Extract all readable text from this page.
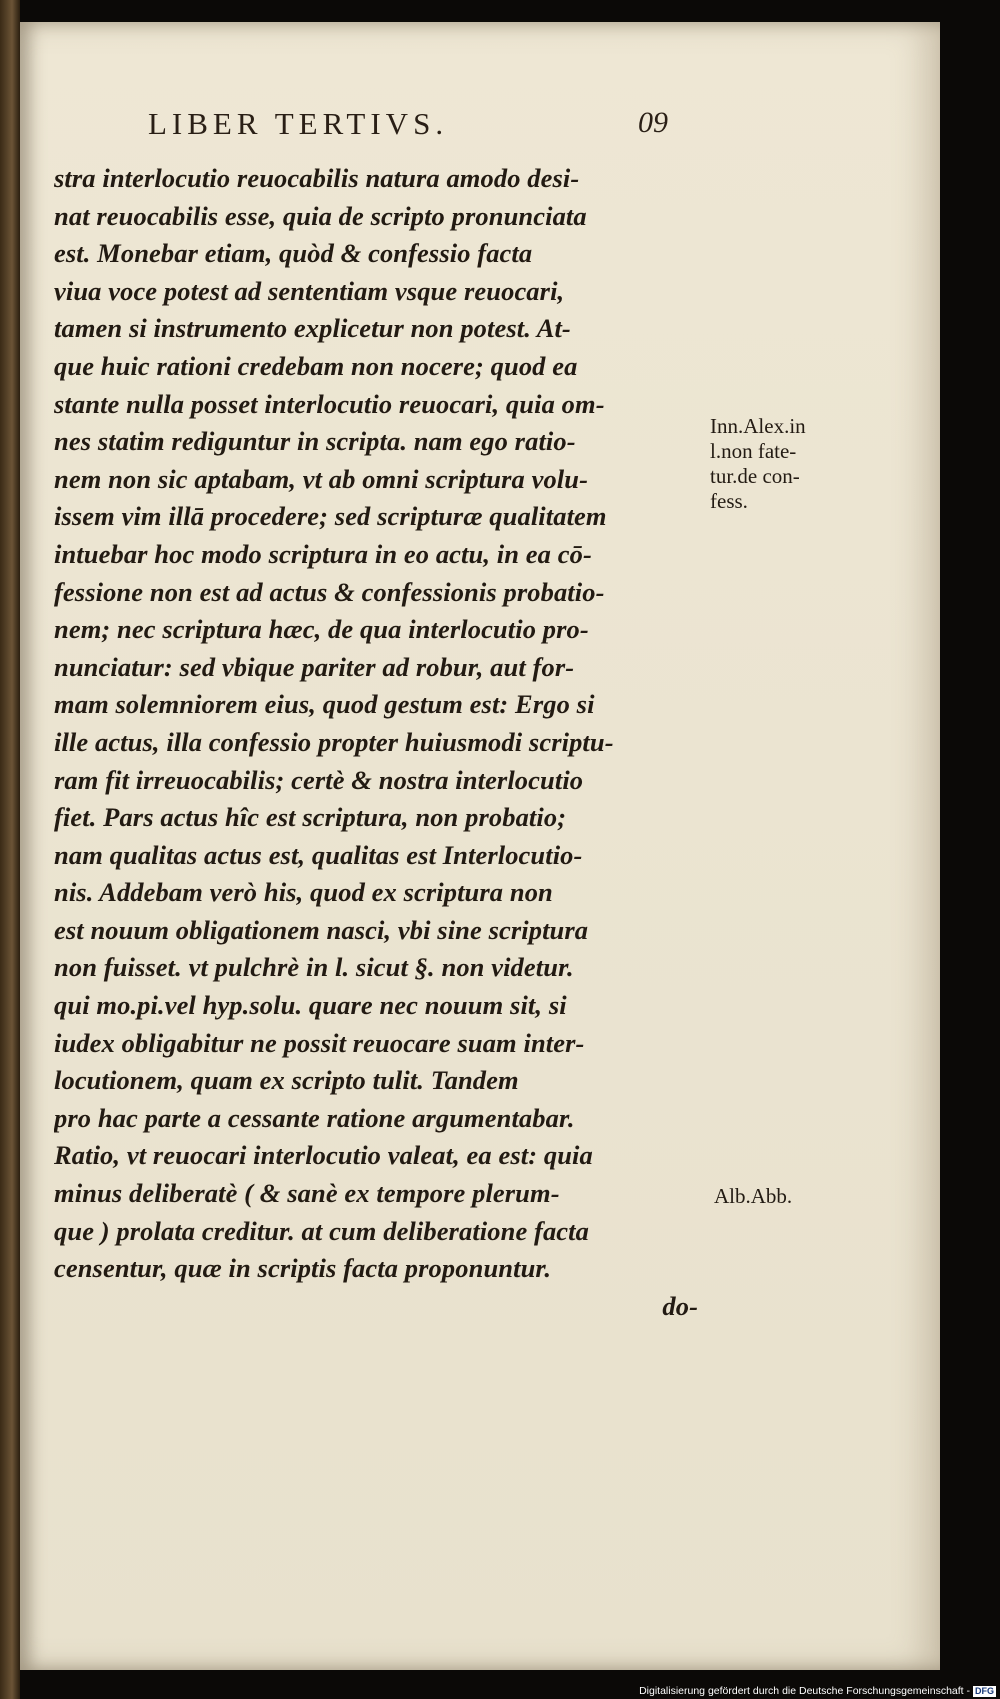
LIBER TERTIVS.	09
stra interlocutio reuocabilis natura amodo desi-
nat reuocabilis esse, quia de scripto pronunciata
est. Monebar etiam, quòd & confessio facta
viua voce potest ad sententiam vsque reuocari,
tamen si instrumento explicetur non potest. At-
que huic rationi credebam non nocere; quod ea
stante nulla posset interlocutio reuocari, quia om-
nes statim rediguntur in scripta. nam ego ratio-
nem non sic aptabam, vt ab omni scriptura volu-
issem vim illā procedere; sed scripturæ qualitatem
intuebar hoc modo scriptura in eo actu, in ea cō-
fessione non est ad actus & confessionis probatio-
nem; nec scriptura hæc, de qua interlocutio pro-
nunciatur: sed vbique pariter ad robur, aut for-
mam solemniorem eius, quod gestum est: Ergo si
ille actus, illa confessio propter huiusmodi scriptu-
ram fit irreuocabilis; certè & nostra interlocutio
fiet. Pars actus hîc est scriptura, non probatio;
nam qualitas actus est, qualitas est Interlocutio-
nis. Addebam verò his, quod ex scriptura non
est nouum obligationem nasci, vbi sine scriptura
non fuisset. vt pulchrè in l. sicut §. non videtur.
qui mo.pi.vel hyp.solu. quare nec nouum sit, si
iudex obligabitur ne possit reuocare suam inter-
locutionem, quam ex scripto tulit. Tandem
pro hac parte a cessante ratione argumentabar.
Ratio, vt reuocari interlocutio valeat, ea est: quia
minus deliberatè ( & sanè ex tempore plerum-
que ) prolata creditur. at cum deliberatione facta
censentur, quæ in scriptis facta proponuntur.
do-
Inn.Alex.in
l.non fate-
tur.de con-
fess.
Alb.Abb.
Digitalisierung gefördert durch die Deutsche Forschungsgemeinschaft - DFG
